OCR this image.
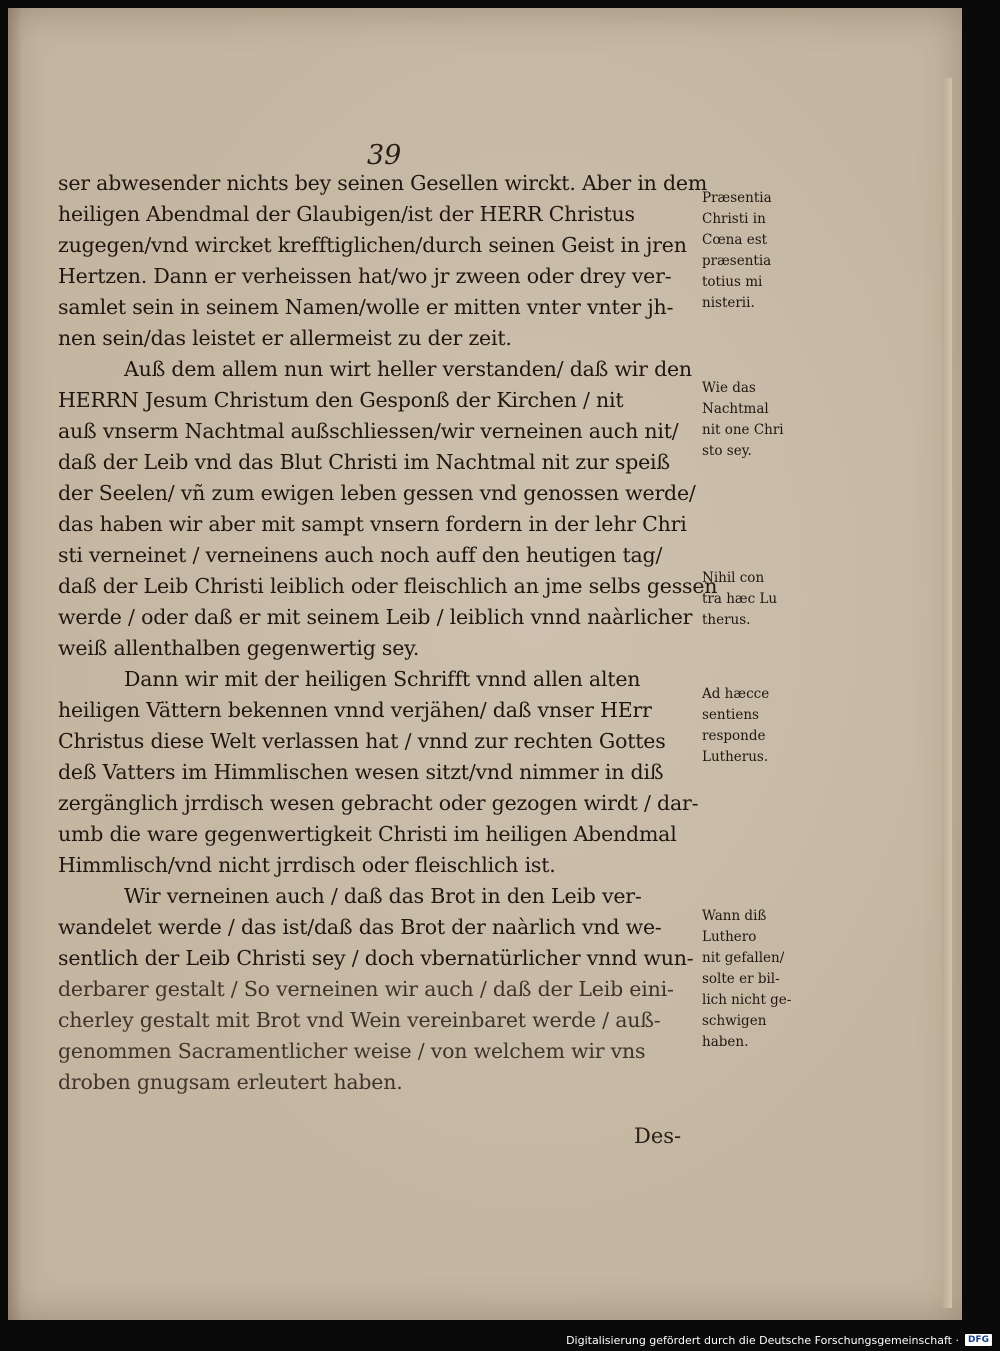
39
ser abwesender nichts bey seinen Gesellen wirckt. Aber in dem
heiligen Abendmal der Glaubigen/ist der HERR Christus
zugegen/vnd wircket krefftiglichen/durch seinen Geist in jren
Hertzen. Dann er verheissen hat/wo jr zween oder drey ver-
samlet sein in seinem Namen/wolle er mitten vnter vnter jh-
nen sein/das leistet er allermeist zu der zeit.
Auß dem allem nun wirt heller verstanden/ daß wir den
HERRN Jesum Christum den Gesponß der Kirchen / nit
auß vnserm Nachtmal außschliessen/wir verneinen auch nit/
daß der Leib vnd das Blut Christi im Nachtmal nit zur speiß
der Seelen/ vñ zum ewigen leben gessen vnd genossen werde/
das haben wir aber mit sampt vnsern fordern in der lehr Chri
sti verneinet / verneinens auch noch auff den heutigen tag/
daß der Leib Christi leiblich oder fleischlich an jme selbs gessen
werde / oder daß er mit seinem Leib / leiblich vnnd naàrlicher
weiß allenthalben gegenwertig sey.
Dann wir mit der heiligen Schrifft vnnd allen alten
heiligen Vättern bekennen vnnd verjähen/ daß vnser HErr
Christus diese Welt verlassen hat / vnnd zur rechten Gottes
deß Vatters im Himmlischen wesen sitzt/vnd nimmer in diß
zergänglich jrrdisch wesen gebracht oder gezogen wirdt / dar-
umb die ware gegenwertigkeit Christi im heiligen Abendmal
Himmlisch/vnd nicht jrrdisch oder fleischlich ist.
Wir verneinen auch / daß das Brot in den Leib ver-
wandelet werde / das ist/daß das Brot der naàrlich vnd we-
sentlich der Leib Christi sey / doch vbernatürlicher vnnd wun-
derbarer gestalt / So verneinen wir auch / daß der Leib eini-
cherley gestalt mit Brot vnd Wein vereinbaret werde / auß-
genommen Sacramentlicher weise / von welchem wir vns
droben gnugsam erleutert haben.
Præsentia
Christi in
Cœna est
præsentia
totius mi
nisterii.
Wie das
Nachtmal
nit one Chri
sto sey.
Nihil con
tra hæc Lu
therus.
Ad hæcce
sentiens
responde
Lutherus.
Wann diß
Luthero
nit gefallen/
solte er bil-
lich nicht ge-
schwigen
haben.
Des-
Digitalisierung gefördert durch die Deutsche Forschungsgemeinschaft ·	DFG
